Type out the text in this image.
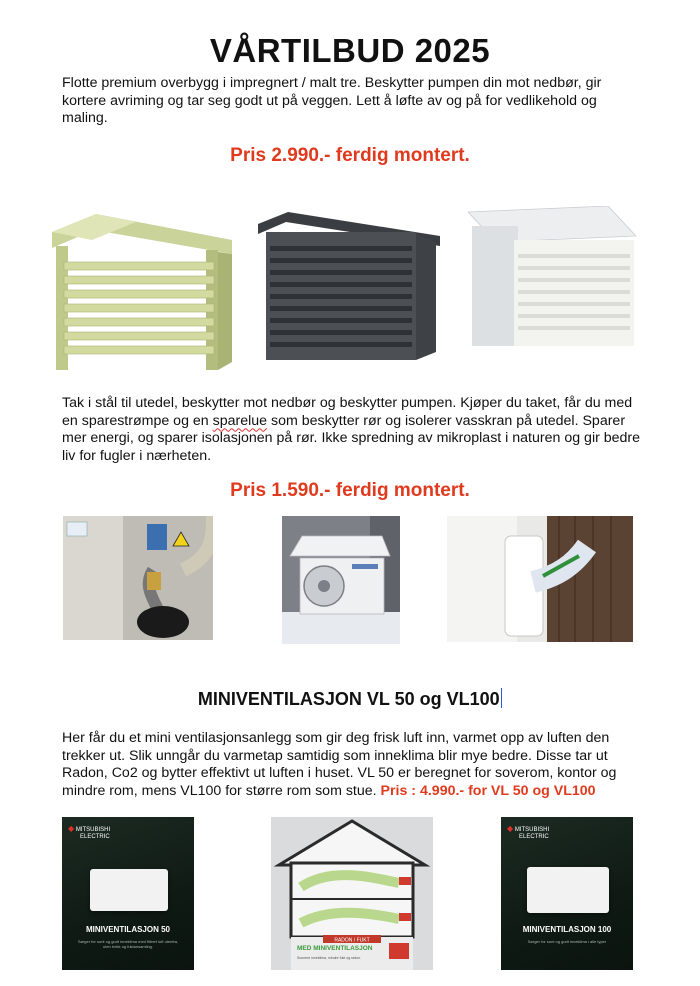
VÅRTILBUD 2025
Flotte premium overbygg i impregnert / malt tre. Beskytter pumpen din mot nedbør, gir kortere avriming og tar seg godt ut på veggen. Lett å løfte av og på for vedlikehold og maling.
Pris 2.990.- ferdig montert.
Tak i stål til utedel, beskytter mot nedbør og beskytter pumpen. Kjøper du taket, får du med en sparestrømpe og en sparelue som beskytter rør og isolerer vasskran på utedel. Sparer mer energi, og sparer isolasjonen på rør. Ikke spredning av mikroplast i naturen og gir bedre liv for fugler i nærheten.
Pris 1.590.- ferdig montert.
MINIVENTILASJON VL 50 og VL100
Her får du et mini ventilasjonsanlegg som gir deg frisk luft inn, varmet opp av luften den trekker ut. Slik unngår du varmetap samtidig som inneklima blir mye bedre. Disse tar ut Radon, Co2 og bytter effektivt ut luften i huset. VL 50 er beregnet for soverom, kontor og mindre rom, mens VL100 for større rom som stue. Pris : 4.990.- for VL 50 og VL100
◆ MITSUBISHI
ELECTRIC
MINIVENTILASJON 50
Sørger for sunt og godt inneklima med filtrert luft utenfra, uten trekk og fuktansamling.
RADON / FUKT
MED MINIVENTILASJON
Sunnere inneklima, mindre fukt og radon.
◆ MITSUBISHI
ELECTRIC
MINIVENTILASJON 100
Sørger for sunt og godt inneklima i alle typer
